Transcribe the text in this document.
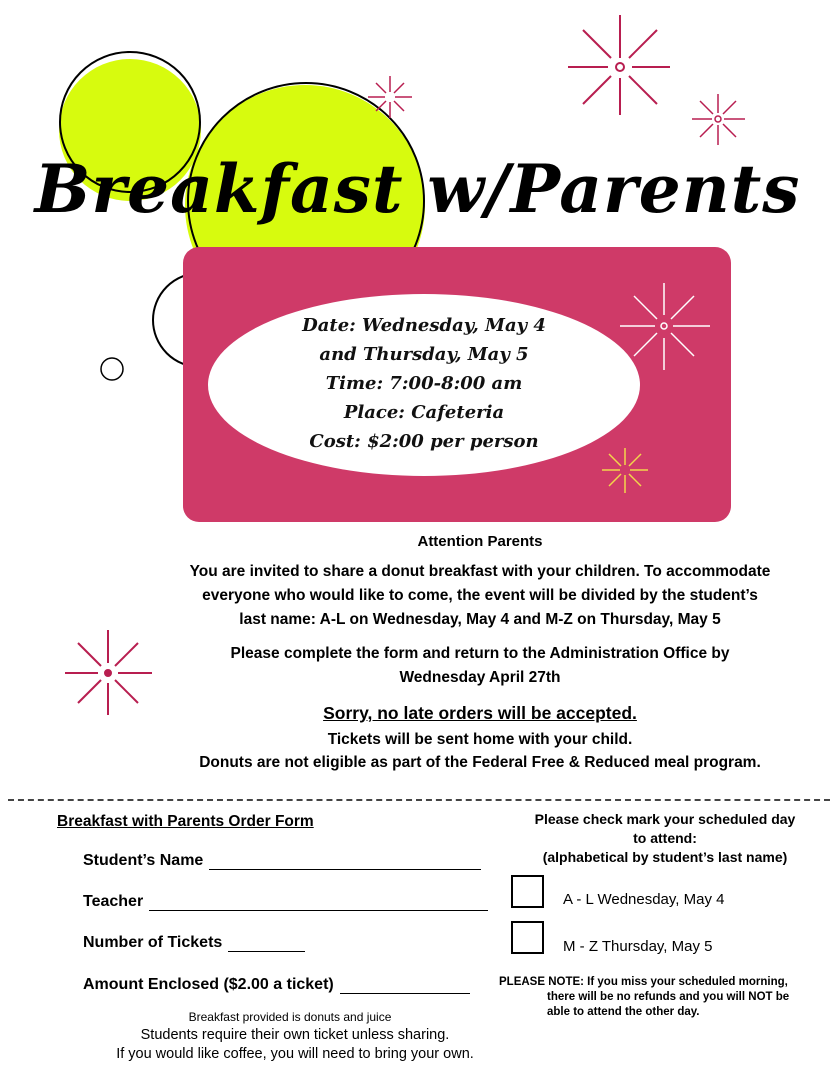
Breakfast w/Parents
Date: Wednesday, May 4
and Thursday, May 5
Time: 7:00-8:00 am
Place: Cafeteria
Cost: $2:00 per person
Attention Parents
You are invited to share a donut breakfast with your children. To accommodate
everyone who would like to come, the event will be divided by the student’s
last name: A-L on Wednesday, May 4 and M-Z on Thursday, May 5
Please complete the form and return to the Administration Office by
Wednesday April 27th
Sorry, no late orders will be accepted.
Tickets will be sent home with your child.
Donuts are not eligible as part of the Federal Free & Reduced meal program.
Breakfast with Parents Order Form
Student’s Name
Teacher
Number of Tickets
Amount Enclosed ($2.00 a ticket)
Breakfast provided is donuts and juice
Students require their own ticket unless sharing.
If you would like coffee, you will need to bring your own.
Please check mark your scheduled day
to attend:
(alphabetical by student’s last name)
A - L Wednesday, May 4
M - Z Thursday, May 5
PLEASE NOTE: If you miss your scheduled morning,
there will be no refunds and you will NOT be
able to attend the other day.
